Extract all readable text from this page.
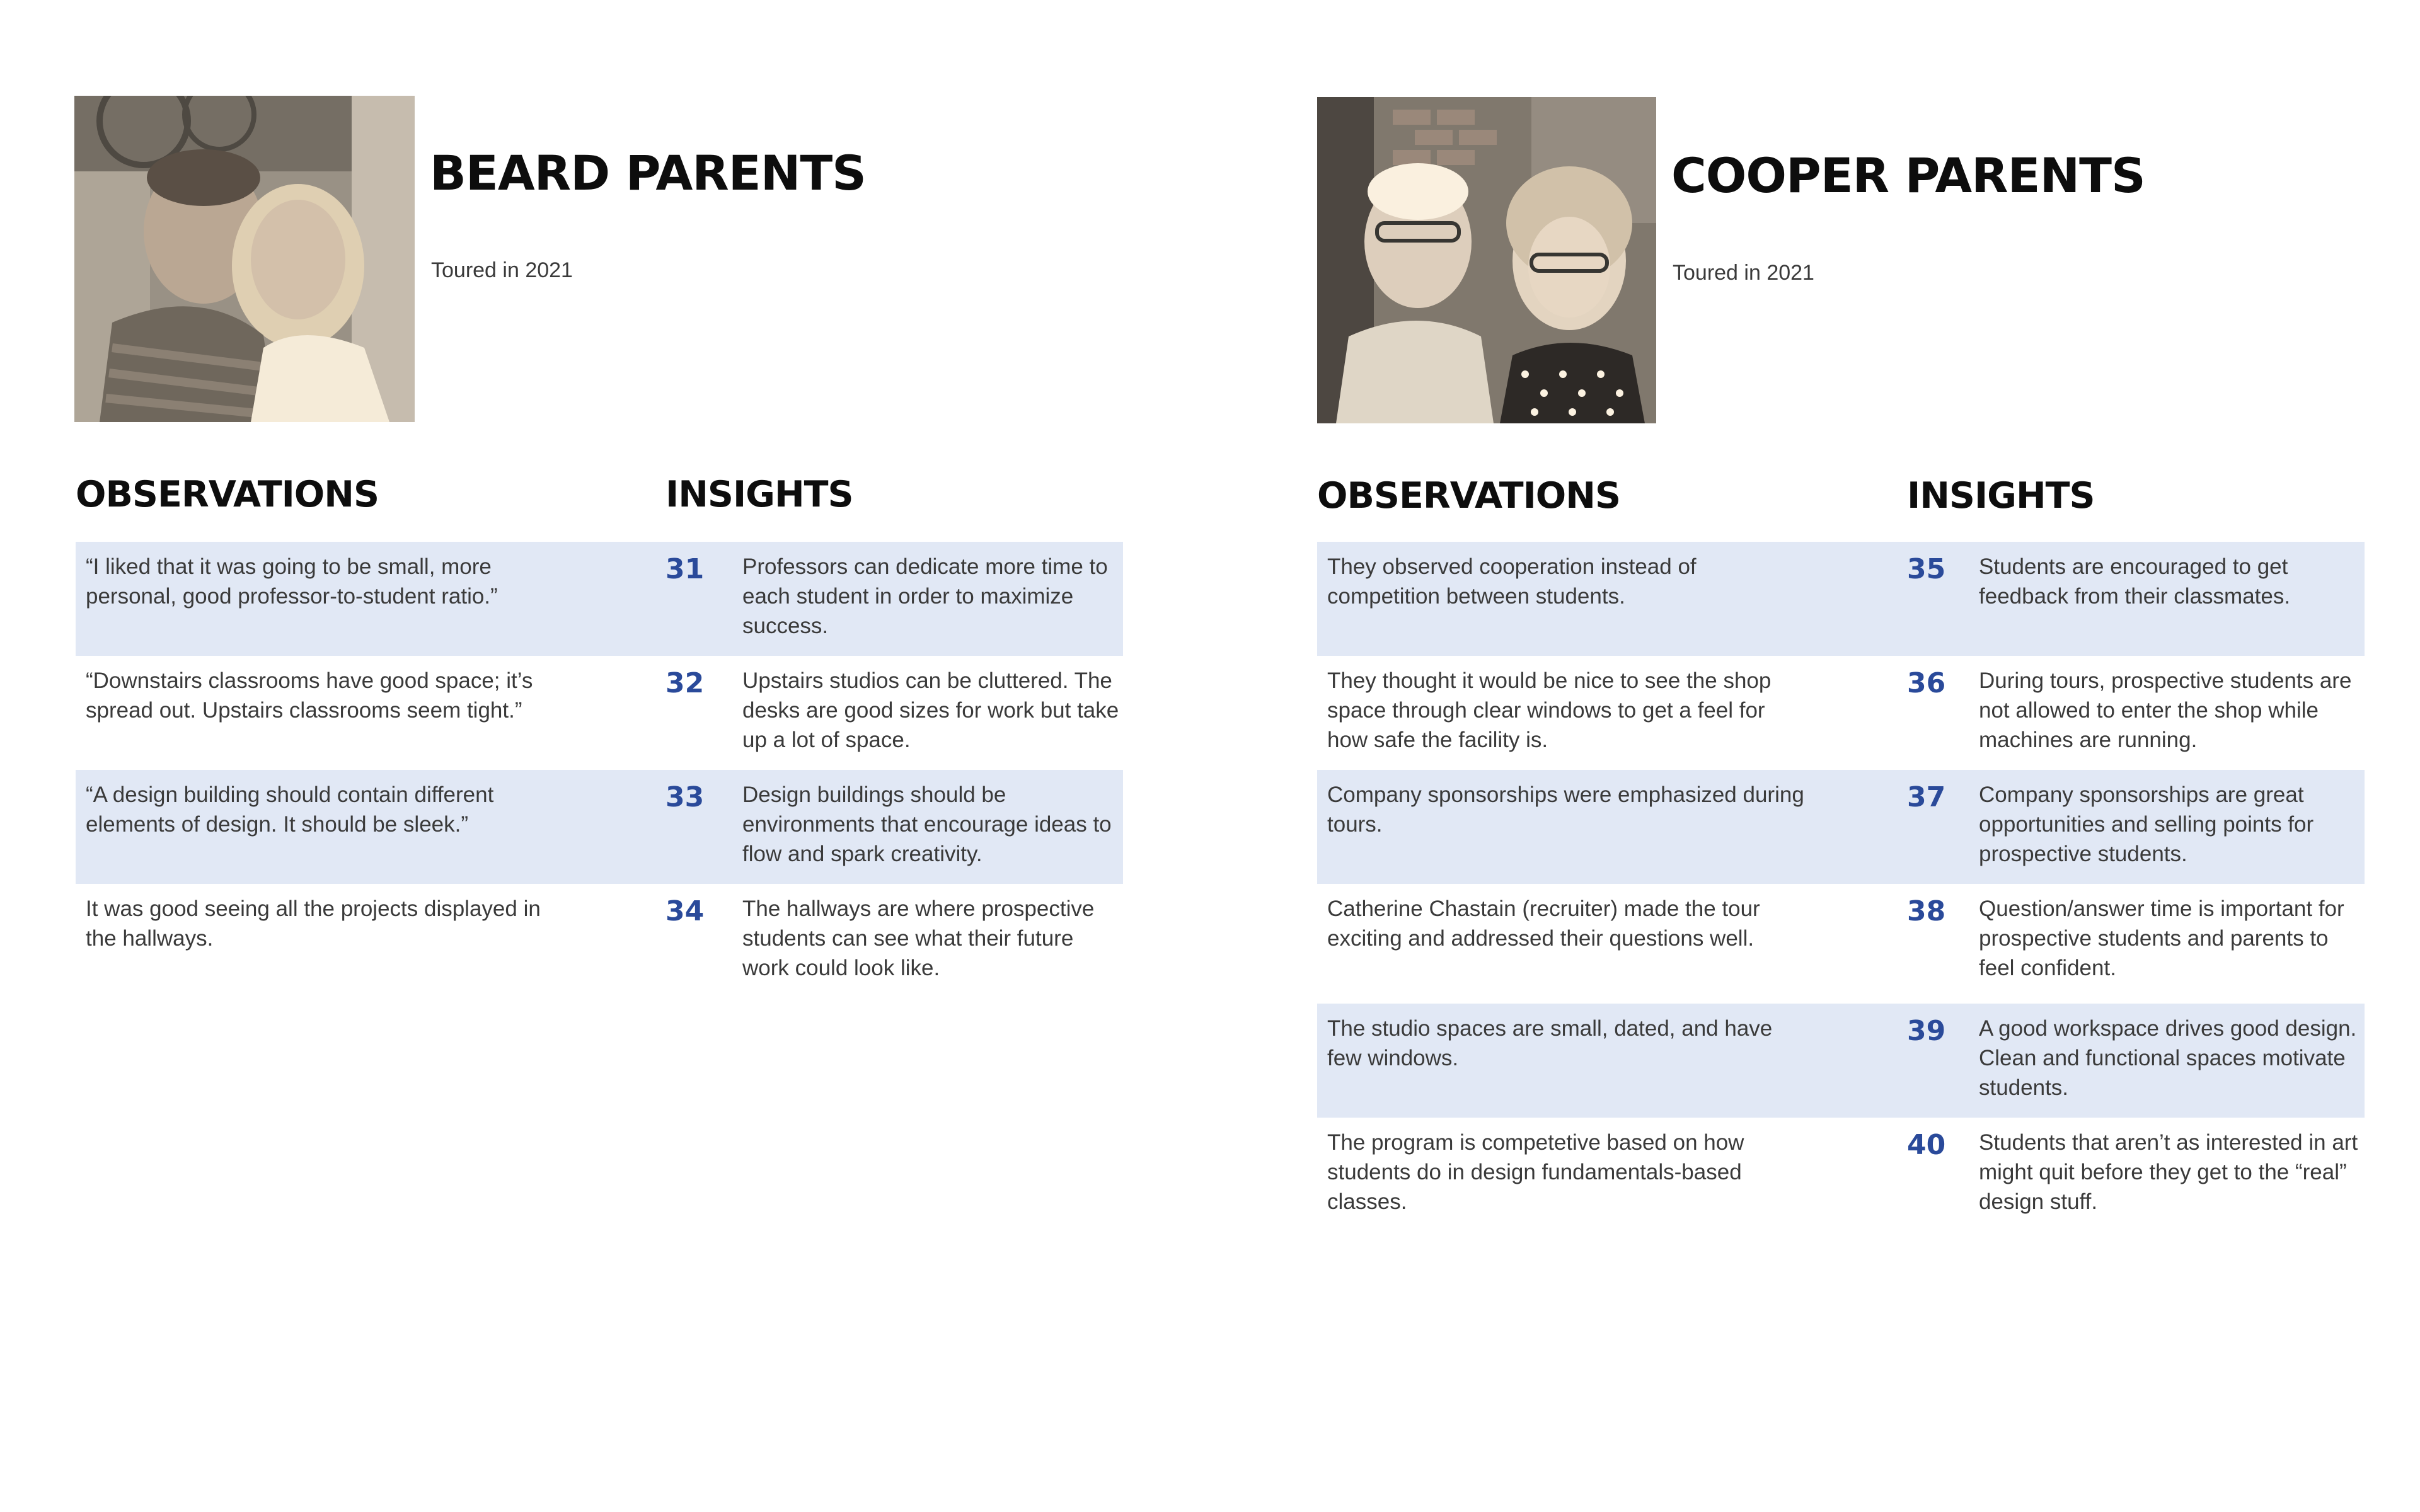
BEARD PARENTS
Toured in 2021
OBSERVATIONS	INSIGHTS
“I liked that it was going to be small, more personal, good professor-to-student ratio.”
31 Professors can dedicate more time to each student in order to maximize success.
“Downstairs classrooms have good space; it’s spread out. Upstairs classrooms seem tight.”
32 Upstairs studios can be cluttered. The desks are good sizes for work but take up a lot of space.
“A design building should contain different elements of design. It should be sleek.”
33 Design buildings should be environments that encourage ideas to flow and spark creativity.
It was good seeing all the projects displayed in the hallways.
34 The hallways are where prospective students can see what their future work could look like.
COOPER PARENTS
Toured in 2021
OBSERVATIONS	INSIGHTS
They observed cooperation instead of competition between students.
35 Students are encouraged to get feedback from their classmates.
They thought it would be nice to see the shop space through clear windows to get a feel for how safe the facility is.
36 During tours, prospective students are not allowed to enter the shop while machines are running.
Company sponsorships were emphasized during tours.
37 Company sponsorships are great opportunities and selling points for prospective students.
Catherine Chastain (recruiter) made the tour exciting and addressed their questions well.
38 Question/answer time is important for prospective students and parents to feel confident.
The studio spaces are small, dated, and have few windows.
39 A good workspace drives good design. Clean and functional spaces motivate students.
The program is competetive based on how students do in design fundamentals-based classes.
40 Students that aren’t as interested in art might quit before they get to the “real” design stuff.
